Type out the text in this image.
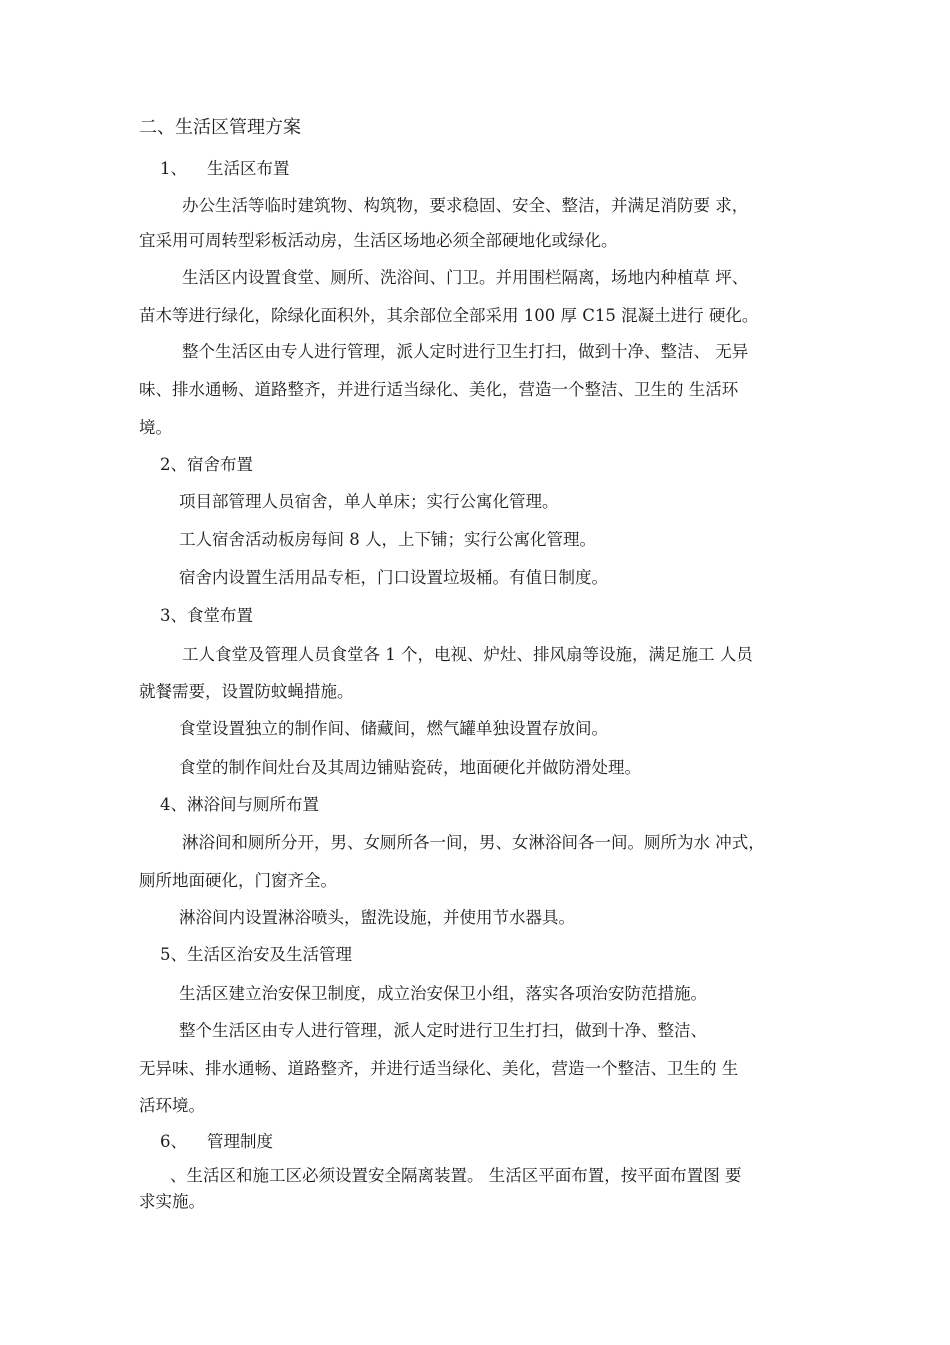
二、生活区管理方案
1、 生活区布置
办公生活等临时建筑物、构筑物，要求稳固、安全、整洁，并满足消防要 求，
宜采用可周转型彩板活动房，生活区场地必须全部硬地化或绿化。
生活区内设置食堂、厕所、洗浴间、门卫。并用围栏隔离，场地内种植草 坪、
苗木等进行绿化，除绿化面积外，其余部位全部采用 100 厚 C15 混凝土进行 硬化。
整个生活区由专人进行管理，派人定时进行卫生打扫，做到十净、整洁、 无异
味、排水通畅、道路整齐，并进行适当绿化、美化，营造一个整洁、卫生的 生活环
境。
2、宿舍布置
项目部管理人员宿舍，单人单床；实行公寓化管理。
工人宿舍活动板房每间 8 人，上下铺；实行公寓化管理。
宿舍内设置生活用品专柜，门口设置垃圾桶。有值日制度。
3、食堂布置
工人食堂及管理人员食堂各 1 个，电视、炉灶、排风扇等设施，满足施工 人员
就餐需要，设置防蚊蝇措施。
食堂设置独立的制作间、储藏间，燃气罐单独设置存放间。
食堂的制作间灶台及其周边铺贴瓷砖，地面硬化并做防滑处理。
4、淋浴间与厕所布置
淋浴间和厕所分开，男、女厕所各一间，男、女淋浴间各一间。厕所为水 冲式，
厕所地面硬化，门窗齐全。
淋浴间内设置淋浴喷头，盥洗设施，并使用节水器具。
5、生活区治安及生活管理
生活区建立治安保卫制度，成立治安保卫小组，落实各项治安防范措施。
整个生活区由专人进行管理，派人定时进行卫生打扫，做到十净、整洁、
无异味、排水通畅、道路整齐，并进行适当绿化、美化，营造一个整洁、卫生的 生
活环境。
6、 管理制度
、生活区和施工区必须设置安全隔离装置。 生活区平面布置，按平面布置图 要
求实施。
